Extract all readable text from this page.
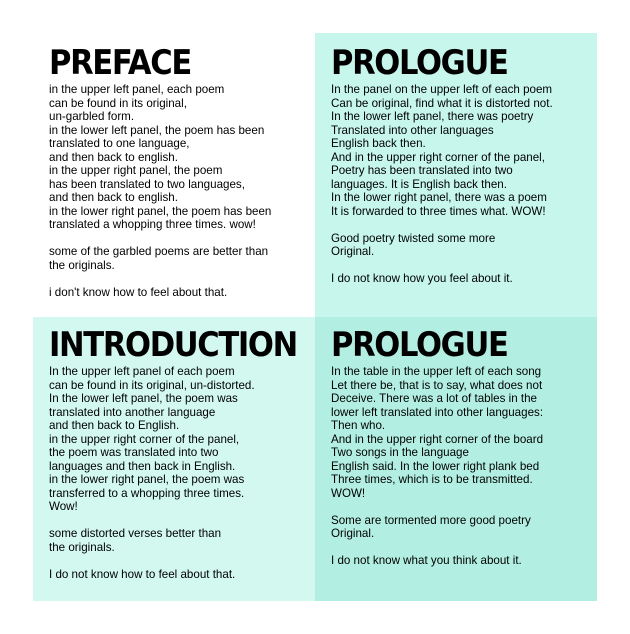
PREFACE
in the upper left panel, each poem
can be found in its original,
un-garbled form.
in the lower left panel, the poem has been
translated to one language,
and then back to english.
in the upper right panel, the poem
has been translated to two languages,
and then back to english.
in the lower right panel, the poem has been
translated a whopping three times. wow!
some of the garbled poems are better than
the originals.
i don't know how to feel about that.
PROLOGUE
In the panel on the upper left of each poem
Can be original, find what it is distorted not.
In the lower left panel, there was poetry
Translated into other languages
English back then.
And in the upper right corner of the panel,
Poetry has been translated into two
languages. It is English back then.
In the lower right panel, there was a poem
It is forwarded to three times what. WOW!
Good poetry twisted some more
Original.
I do not know how you feel about it.
INTRODUCTION
In the upper left panel of each poem
can be found in its original, un-distorted.
In the lower left panel, the poem was
translated into another language
and then back to English.
in the upper right corner of the panel,
the poem was translated into two
languages and then back in English.
in the lower right panel, the poem was
transferred to a whopping three times.
Wow!
some distorted verses better than
the originals.
I do not know how to feel about that.
PROLOGUE
In the table in the upper left of each song
Let there be, that is to say, what does not
Deceive. There was a lot of tables in the
lower left translated into other languages:
Then who.
And in the upper right corner of the board
Two songs in the language
English said. In the lower right plank bed
Three times, which is to be transmitted.
WOW!
Some are tormented more good poetry
Original.
I do not know what you think about it.
